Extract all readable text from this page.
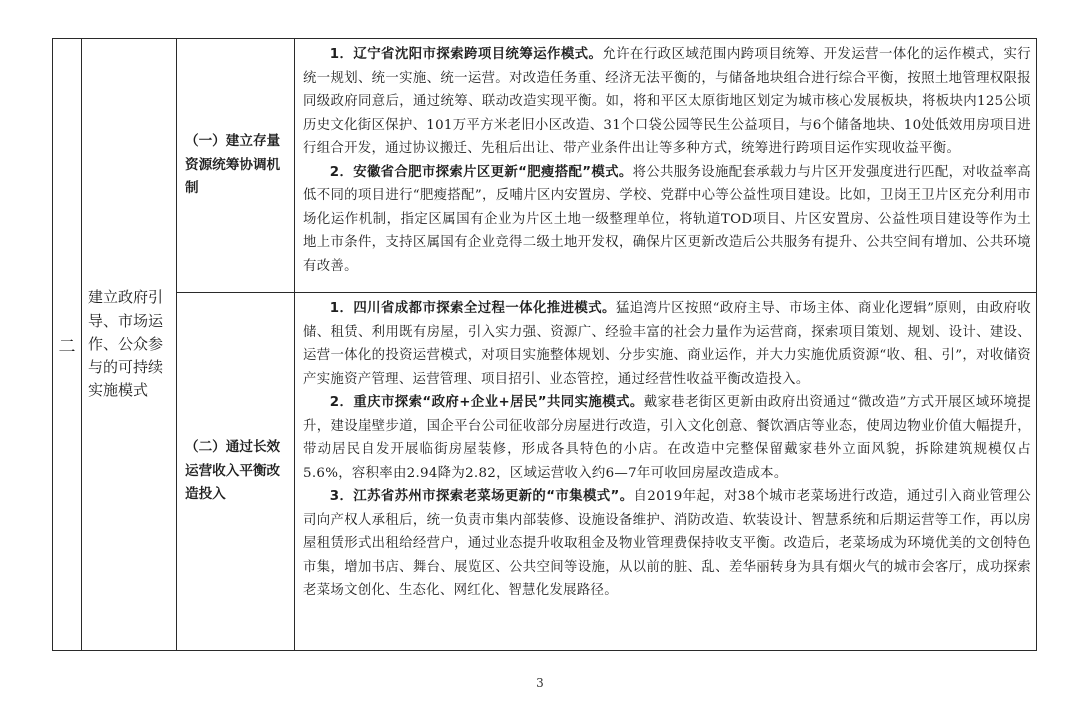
二	建立政府引导、市场运作、公众参与的可持续实施模式	（一）建立存量资源统筹协调机制	1．辽宁省沈阳市探索跨项目统筹运作模式。允许在行政区域范围内跨项目统筹、开发运营一体化的运作模式，实行统一规划、统一实施、统一运营。对改造任务重、经济无法平衡的，与储备地块组合进行综合平衡，按照土地管理权限报同级政府同意后，通过统筹、联动改造实现平衡。如，将和平区太原街地区划定为城市核心发展板块，将板块内125公顷历史文化街区保护、101万平方米老旧小区改造、31个口袋公园等民生公益项目，与6个储备地块、10处低效用房项目进行组合开发，通过协议搬迁、先租后出让、带产业条件出让等多种方式，统筹进行跨项目运作实现收益平衡。

2．安徽省合肥市探索片区更新“肥瘦搭配”模式。将公共服务设施配套承载力与片区开发强度进行匹配，对收益率高低不同的项目进行“肥瘦搭配”，反哺片区内安置房、学校、党群中心等公益性项目建设。比如，卫岗王卫片区充分利用市场化运作机制，指定区属国有企业为片区土地一级整理单位，将轨道TOD项目、片区安置房、公益性项目建设等作为土地上市条件，支持区属国有企业竞得二级土地开发权，确保片区更新改造后公共服务有提升、公共空间有增加、公共环境有改善。

		（二）通过长效运营收入平衡改造投入	1．四川省成都市探索全过程一体化推进模式。猛追湾片区按照“政府主导、市场主体、商业化逻辑”原则，由政府收储、租赁、利用既有房屋，引入实力强、资源广、经验丰富的社会力量作为运营商，探索项目策划、规划、设计、建设、运营一体化的投资运营模式，对项目实施整体规划、分步实施、商业运作，并大力实施优质资源“收、租、引”，对收储资产实施资产管理、运营管理、项目招引、业态管控，通过经营性收益平衡改造投入。

2．重庆市探索“政府+企业+居民”共同实施模式。戴家巷老街区更新由政府出资通过“微改造”方式开展区域环境提升，建设崖壁步道，国企平台公司征收部分房屋进行改造，引入文化创意、餐饮酒店等业态，使周边物业价值大幅提升，带动居民自发开展临街房屋装修，形成各具特色的小店。在改造中完整保留戴家巷外立面风貌，拆除建筑规模仅占5.6%，容积率由2.94降为2.82，区域运营收入约6—7年可收回房屋改造成本。

3．江苏省苏州市探索老菜场更新的“市集模式”。自2019年起，对38个城市老菜场进行改造，通过引入商业管理公司向产权人承租后，统一负责市集内部装修、设施设备维护、消防改造、软装设计、智慧系统和后期运营等工作，再以房屋租赁形式出租给经营户，通过业态提升收取租金及物业管理费保持收支平衡。改造后，老菜场成为环境优美的文创特色市集，增加书店、舞台、展览区、公共空间等设施，从以前的脏、乱、差华丽转身为具有烟火气的城市会客厅，成功探索老菜场文创化、生态化、网红化、智慧化发展路径。

3
